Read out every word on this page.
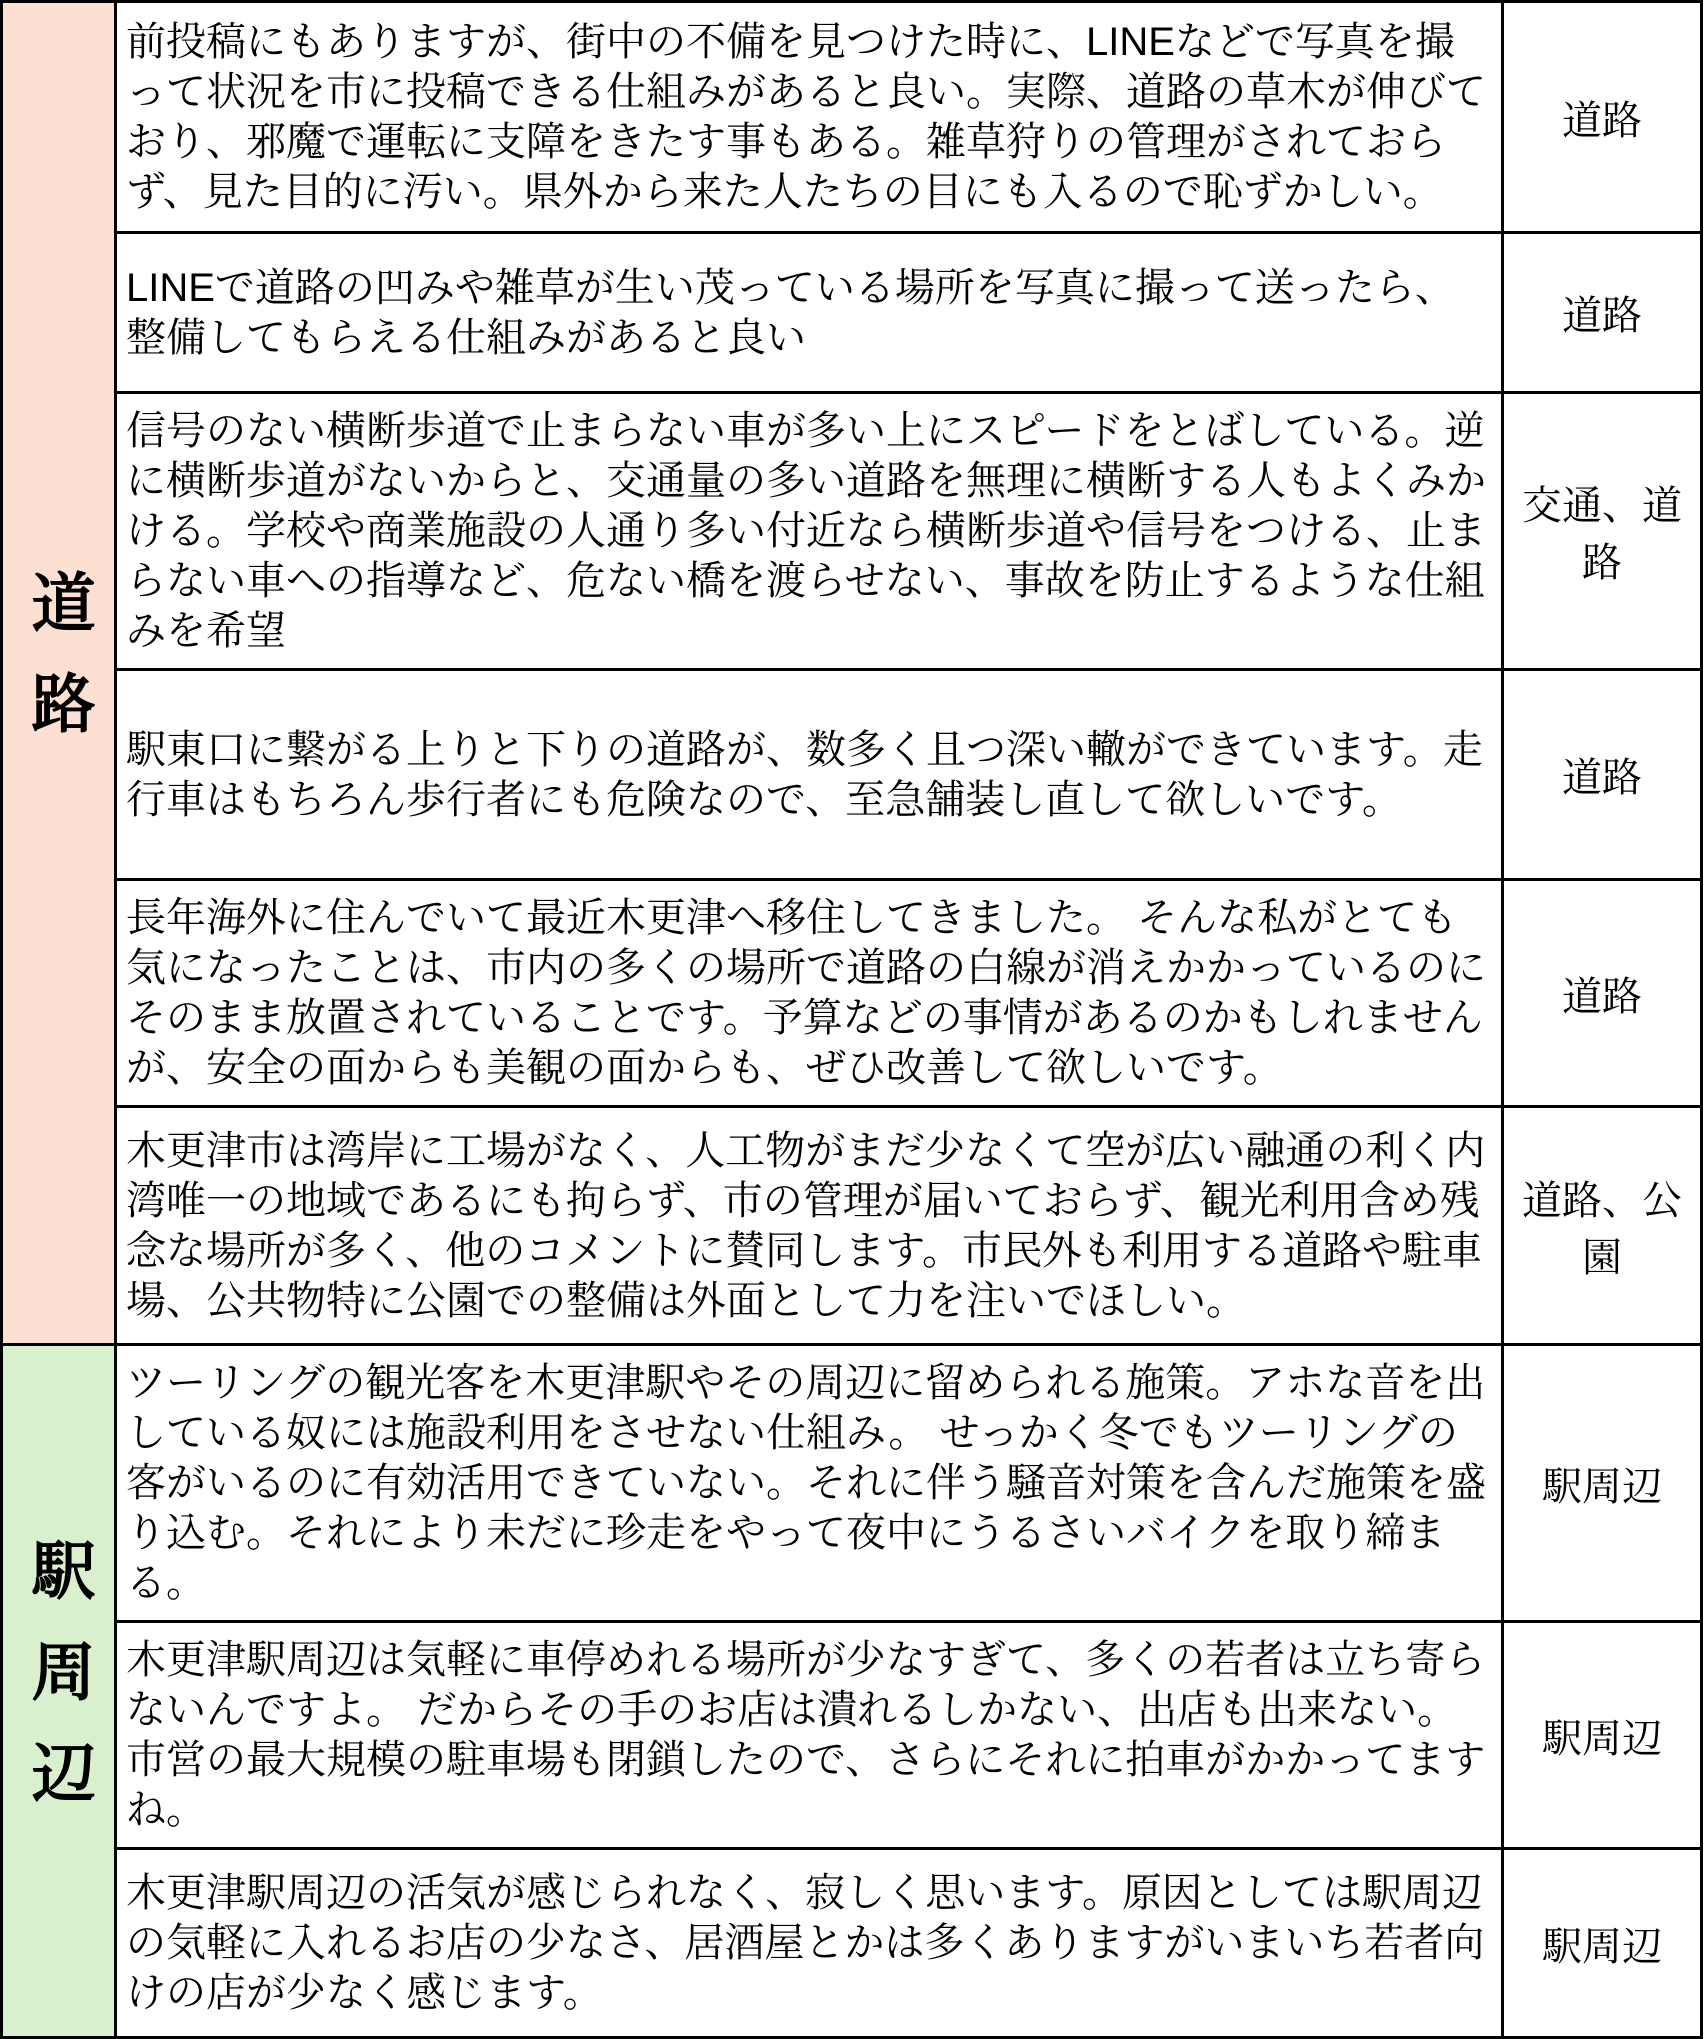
道路	前投稿にもありますが、街中の不備を見つけた時に、LINEなどで写真を撮って状況を市に投稿できる仕組みがあると良い。実際、道路の草木が伸びており、邪魔で運転に支障をきたす事もある。雑草狩りの管理がされておらず、見た目的に汚い。県外から来た人たちの目にも入るので恥ずかしい。	道路
	LINEで道路の凹みや雑草が生い茂っている場所を写真に撮って送ったら、整備してもらえる仕組みがあると良い	道路
	信号のない横断歩道で止まらない車が多い上にスピードをとばしている。逆に横断歩道がないからと、交通量の多い道路を無理に横断する人もよくみかける。学校や商業施設の人通り多い付近なら横断歩道や信号をつける、止まらない車への指導など、危ない橋を渡らせない、事故を防止するような仕組みを希望	交通、道路
	駅東口に繋がる上りと下りの道路が、数多く且つ深い轍ができています。走行車はもちろん歩行者にも危険なので、至急舗装し直して欲しいです。	道路
	長年海外に住んでいて最近木更津へ移住してきました。 そんな私がとても気になったことは、市内の多くの場所で道路の白線が消えかかっているのにそのまま放置されていることです。予算などの事情があるのかもしれませんが、安全の面からも美観の面からも、ぜひ改善して欲しいです。	道路
	木更津市は湾岸に工場がなく、人工物がまだ少なくて空が広い融通の利く内湾唯一の地域であるにも拘らず、市の管理が届いておらず、観光利用含め残念な場所が多く、他のコメントに賛同します。市民外も利用する道路や駐車場、公共物特に公園での整備は外面として力を注いでほしい。	道路、公園
駅周辺	ツーリングの観光客を木更津駅やその周辺に留められる施策。アホな音を出している奴には施設利用をさせない仕組み。 せっかく冬でもツーリングの客がいるのに有効活用できていない。それに伴う騒音対策を含んだ施策を盛り込む。それにより未だに珍走をやって夜中にうるさいバイクを取り締まる。	駅周辺
	木更津駅周辺は気軽に車停めれる場所が少なすぎて、多くの若者は立ち寄らないんですよ。 だからその手のお店は潰れるしかない、出店も出来ない。 市営の最大規模の駐車場も閉鎖したので、さらにそれに拍車がかかってますね。	駅周辺
	木更津駅周辺の活気が感じられなく、寂しく思います。原因としては駅周辺の気軽に入れるお店の少なさ、居酒屋とかは多くありますがいまいち若者向けの店が少なく感じます。	駅周辺
